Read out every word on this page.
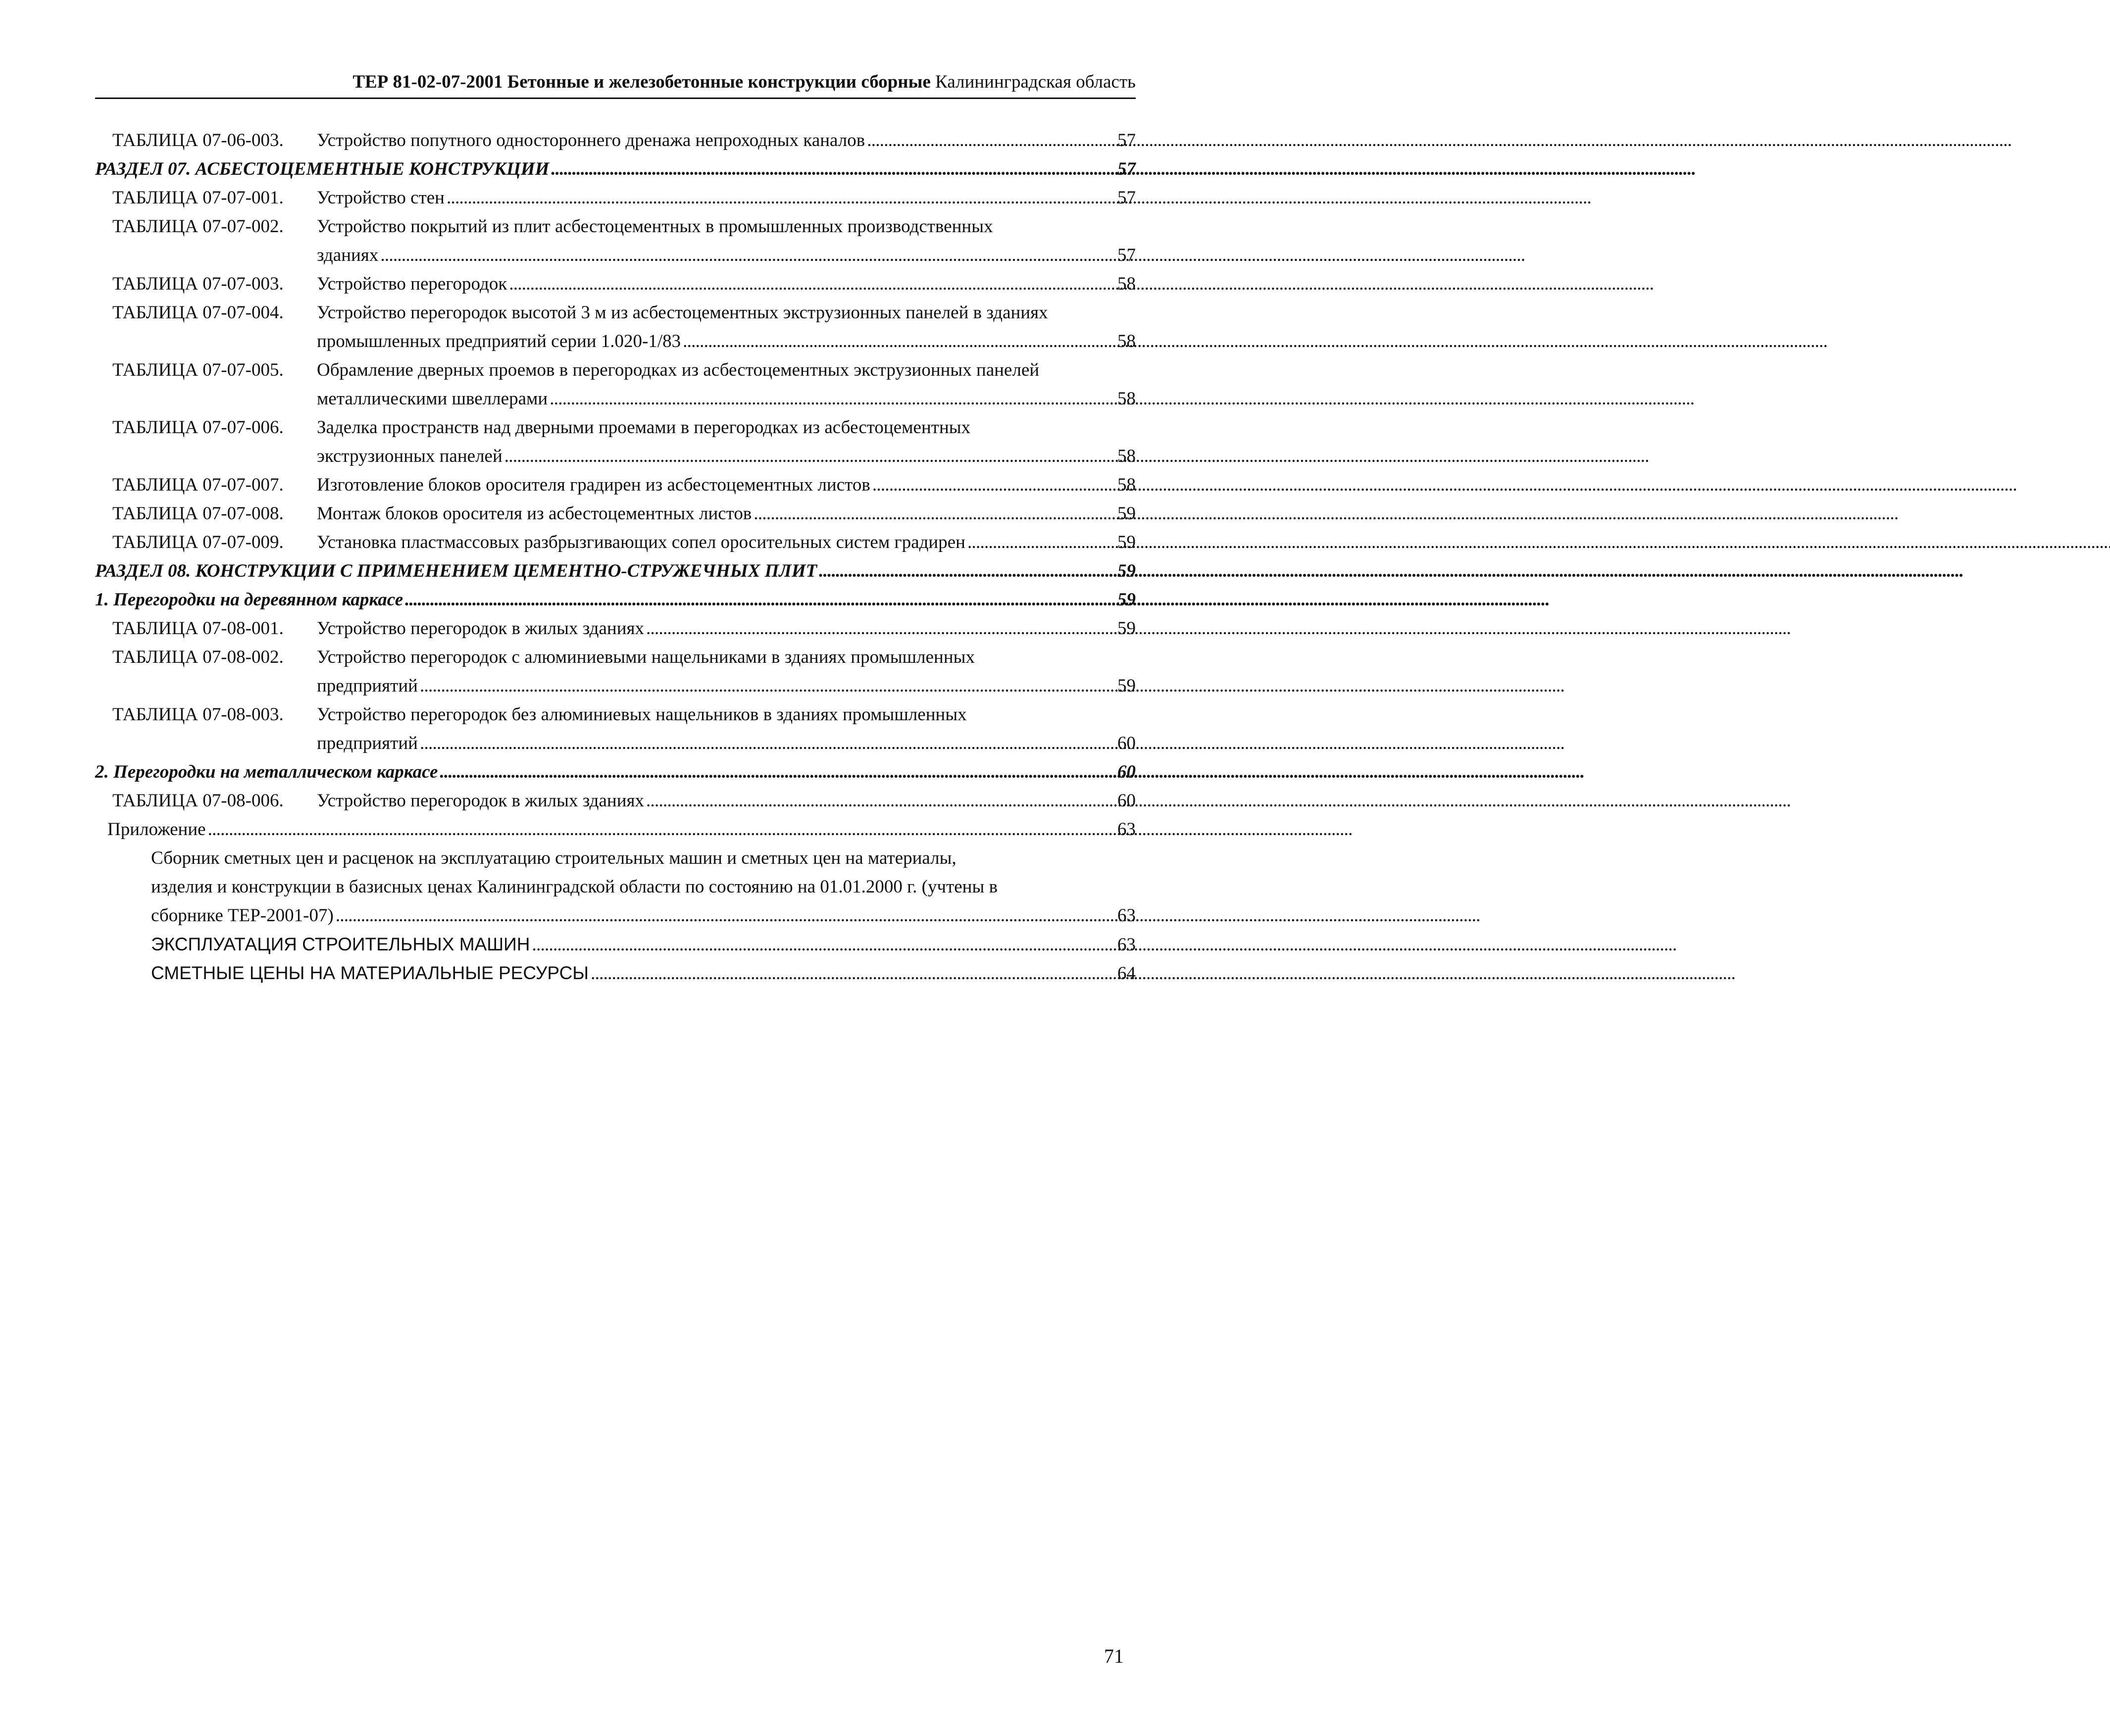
ТЕР 81-02-07-2001 Бетонные и железобетонные конструкции сборные Калининградская область
ТАБЛИЦА 07-06-003.	Устройство попутного одностороннего дренажа непроходных каналов . . .	57
РАЗДЕЛ 07. АСБЕСТОЦЕМЕНТНЫЕ КОНСТРУКЦИИ . . .	57
ТАБЛИЦА 07-07-001.	Устройство стен . . .	57
ТАБЛИЦА 07-07-002.	Устройство покрытий из плит асбестоцементных в промышленных производственных
зданиях . . .	57
ТАБЛИЦА 07-07-003.	Устройство перегородок . . .	58
ТАБЛИЦА 07-07-004.	Устройство перегородок высотой 3 м из асбестоцементных экструзионных панелей в зданиях
промышленных предприятий серии 1.020-1/83 . . .	58
ТАБЛИЦА 07-07-005.	Обрамление дверных проемов в перегородках из асбестоцементных экструзионных панелей
металлическими швеллерами . . .	58
ТАБЛИЦА 07-07-006.	Заделка пространств над дверными проемами в перегородках из асбестоцементных
экструзионных панелей . . .	58
ТАБЛИЦА 07-07-007.	Изготовление блоков оросителя градирен из асбестоцементных листов . . .	58
ТАБЛИЦА 07-07-008.	Монтаж блоков оросителя из асбестоцементных листов . . .	59
ТАБЛИЦА 07-07-009.	Установка пластмассовых разбрызгивающих сопел оросительных систем градирен . . .	59
РАЗДЕЛ 08. КОНСТРУКЦИИ С ПРИМЕНЕНИЕМ ЦЕМЕНТНО-СТРУЖЕЧНЫХ ПЛИТ . . .	59
1. Перегородки на деревянном каркасе . . .	59
ТАБЛИЦА 07-08-001.	Устройство перегородок в жилых зданиях . . .	59
ТАБЛИЦА 07-08-002.	Устройство перегородок с алюминиевыми нащельниками в зданиях промышленных
предприятий . . .	59
ТАБЛИЦА 07-08-003.	Устройство перегородок без алюминиевых нащельников в зданиях промышленных
предприятий . . .	60
2. Перегородки на металлическом каркасе . . .	60
ТАБЛИЦА 07-08-006.	Устройство перегородок в жилых зданиях . . .	60
Приложение . . .	63
Сборник сметных цен и расценок на эксплуатацию строительных машин и сметных цен на материалы,
изделия и конструкции в базисных ценах Калининградской области по состоянию на 01.01.2000 г. (учтены в
сборнике ТЕР-2001-07) . . .	63
ЭКСПЛУАТАЦИЯ СТРОИТЕЛЬНЫХ МАШИН . . .	63
СМЕТНЫЕ ЦЕНЫ НА МАТЕРИАЛЬНЫЕ РЕСУРСЫ . . .	64
71
